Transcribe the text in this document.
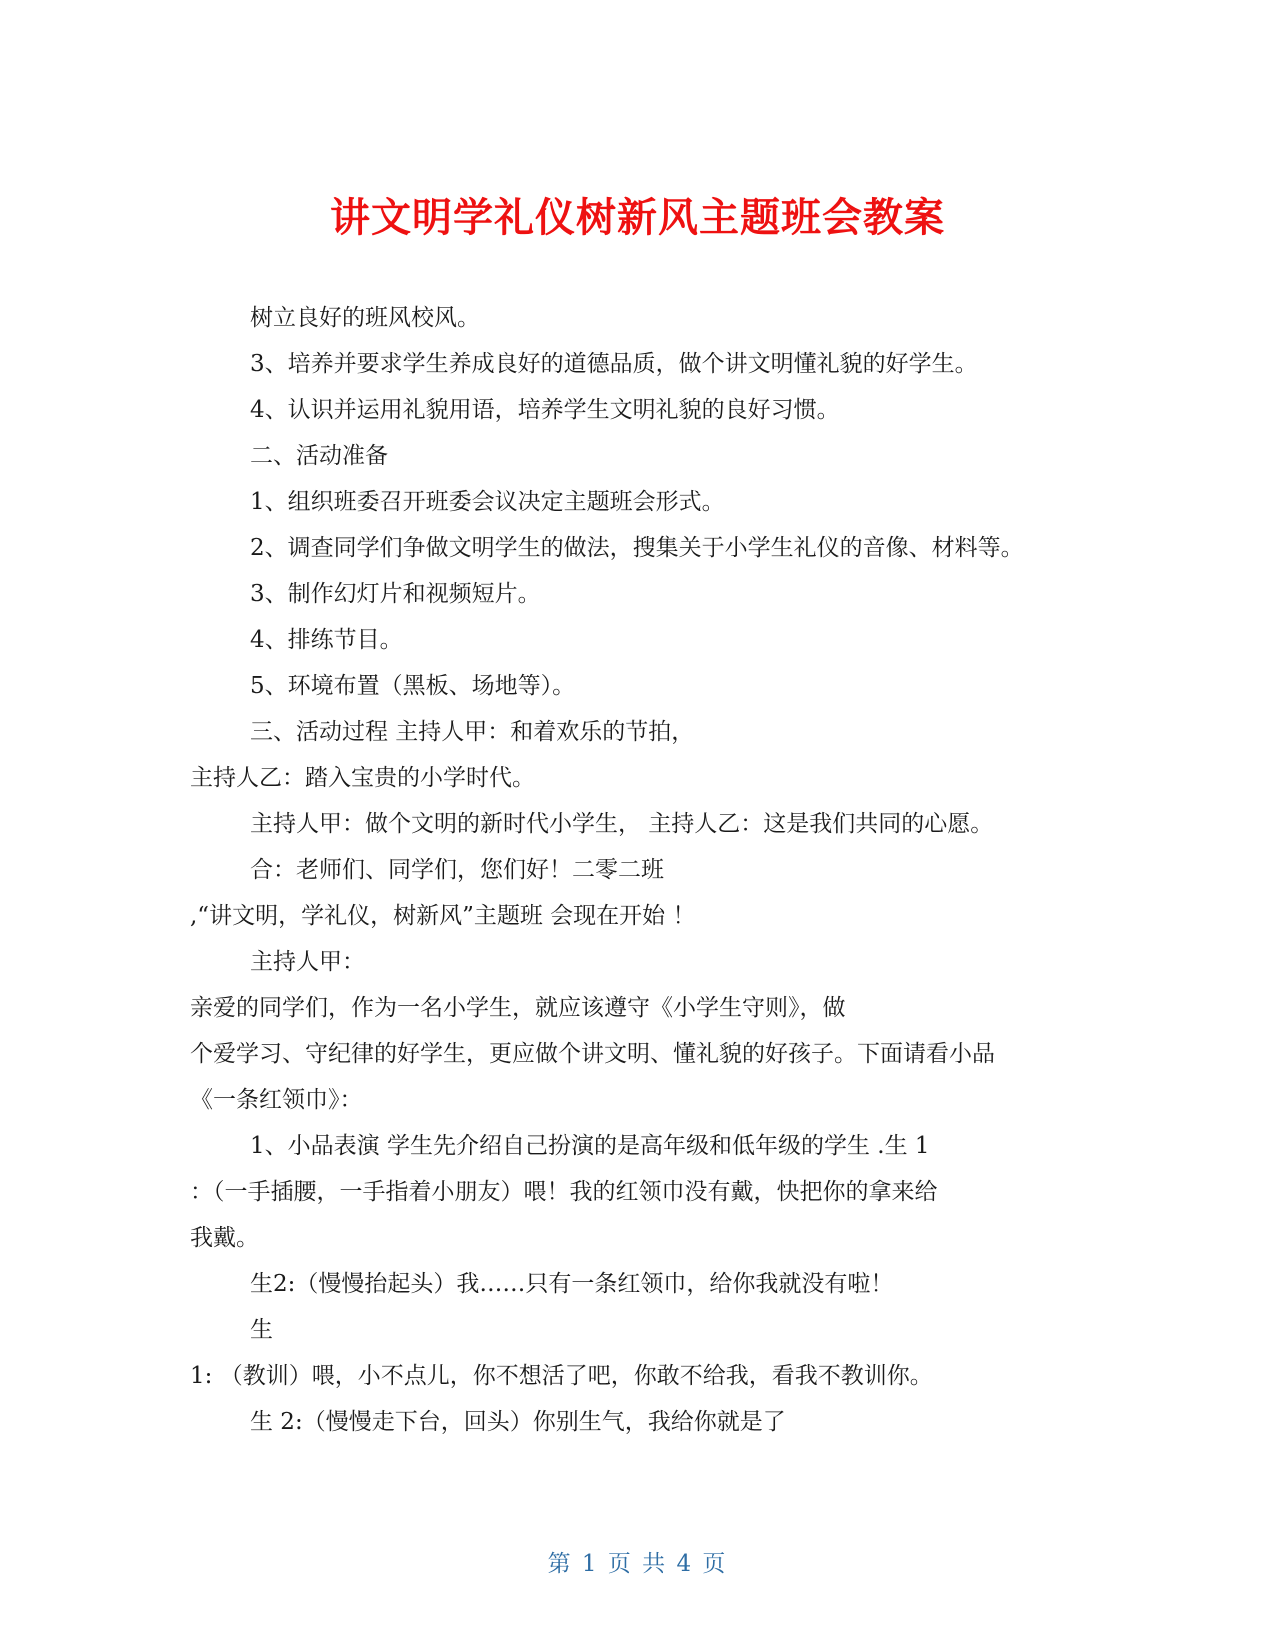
讲文明学礼仪树新风主题班会教案
树立良好的班风校风。
3、培养并要求学生养成良好的道德品质，做个讲文明懂礼貌的好学生。
4、认识并运用礼貌用语，培养学生文明礼貌的良好习惯。
二、活动准备
1、组织班委召开班委会议决定主题班会形式。
2、调查同学们争做文明学生的做法，搜集关于小学生礼仪的音像、材料等。
3、制作幻灯片和视频短片。
4、排练节目。
5、环境布置（黑板、场地等）。
三、活动过程 主持人甲：和着欢乐的节拍，
主持人乙：踏入宝贵的小学时代。
主持人甲：做个文明的新时代小学生， 主持人乙：这是我们共同的心愿。
合：老师们、同学们，您们好！二零二班
,“讲文明，学礼仪，树新风”主题班 会现在开始 ！
主持人甲：
亲爱的同学们，作为一名小学生，就应该遵守《小学生守则》，做
个爱学习、守纪律的好学生，更应做个讲文明、懂礼貌的好孩子。下面请看小品
《一条红领巾》：
1、小品表演 学生先介绍自己扮演的是高年级和低年级的学生 .生 1
：（一手插腰，一手指着小朋友）喂！我的红领巾没有戴，快把你的拿来给
我戴。
生2:（慢慢抬起头）我……只有一条红领巾，给你我就没有啦！
生
1: （教训）喂，小不点儿，你不想活了吧，你敢不给我，看我不教训你。
生 2:（慢慢走下台，回头）你别生气，我给你就是了
第 1 页 共 4 页
